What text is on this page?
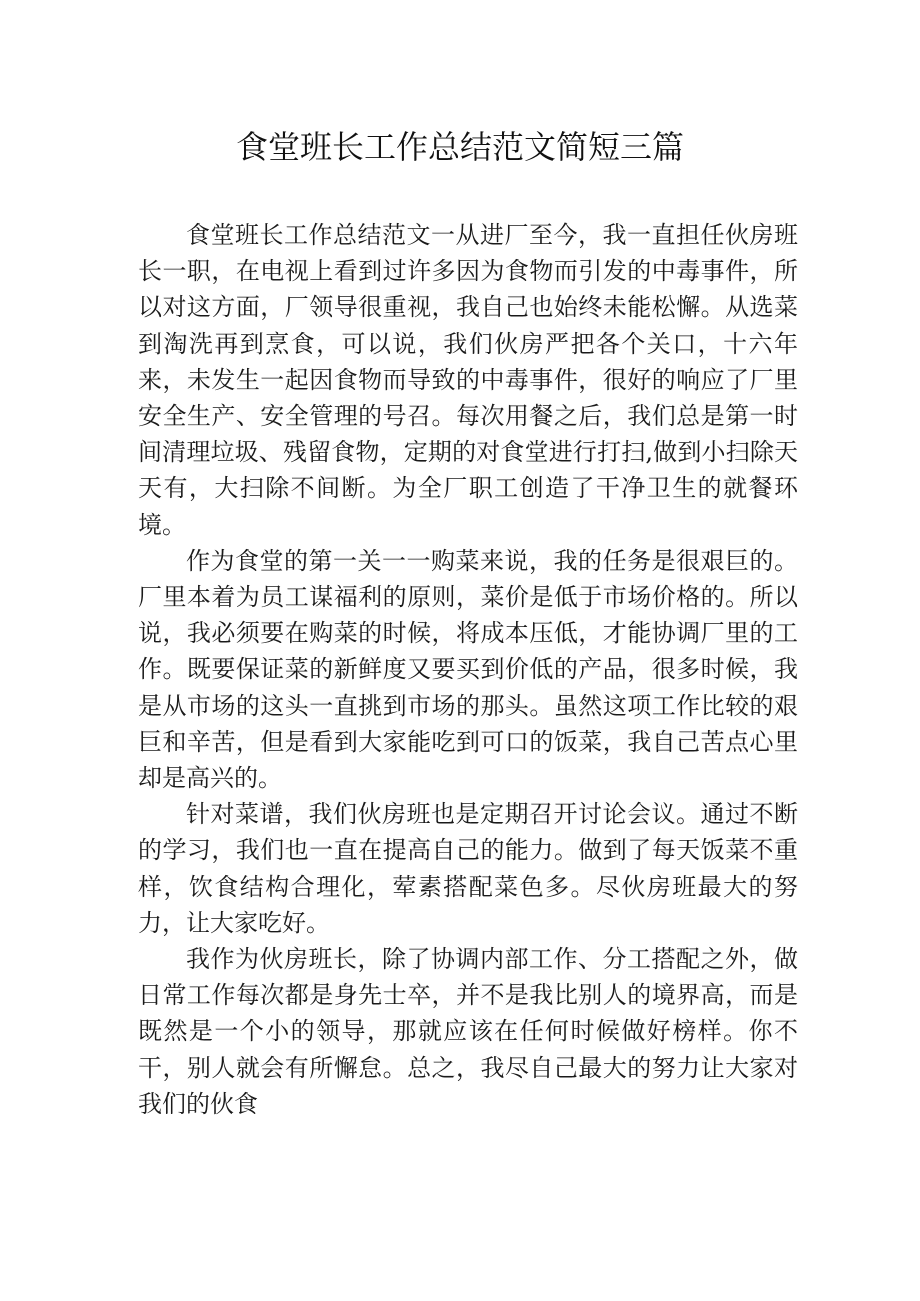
食堂班长工作总结范文简短三篇

食堂班长工作总结范文一从进厂至今，我一直担任伙房班长一职，在电视上看到过许多因为食物而引发的中毒事件，所以对这方面，厂领导很重视，我自己也始终未能松懈。从选菜到淘洗再到烹食，可以说，我们伙房严把各个关口，十六年来，未发生一起因食物而导致的中毒事件，很好的响应了厂里安全生产、安全管理的号召。每次用餐之后，我们总是第一时间清理垃圾、残留食物，定期的对食堂进行打扫,做到小扫除天天有，大扫除不间断。为全厂职工创造了干净卫生的就餐环境。

作为食堂的第一关一一购菜来说，我的任务是很艰巨的。厂里本着为员工谋福利的原则，菜价是低于市场价格的。所以说，我必须要在购菜的时候，将成本压低，才能协调厂里的工作。既要保证菜的新鲜度又要买到价低的产品，很多时候，我是从市场的这头一直挑到市场的那头。虽然这项工作比较的艰巨和辛苦，但是看到大家能吃到可口的饭菜，我自己苦点心里却是高兴的。

针对菜谱，我们伙房班也是定期召开讨论会议。通过不断的学习，我们也一直在提高自己的能力。做到了每天饭菜不重样，饮食结构合理化，荤素搭配菜色多。尽伙房班最大的努力，让大家吃好。

我作为伙房班长，除了协调内部工作、分工搭配之外，做日常工作每次都是身先士卒，并不是我比别人的境界高，而是既然是一个小的领导，那就应该在任何时候做好榜样。你不干，别人就会有所懈怠。总之，我尽自己最大的努力让大家对我们的伙食
